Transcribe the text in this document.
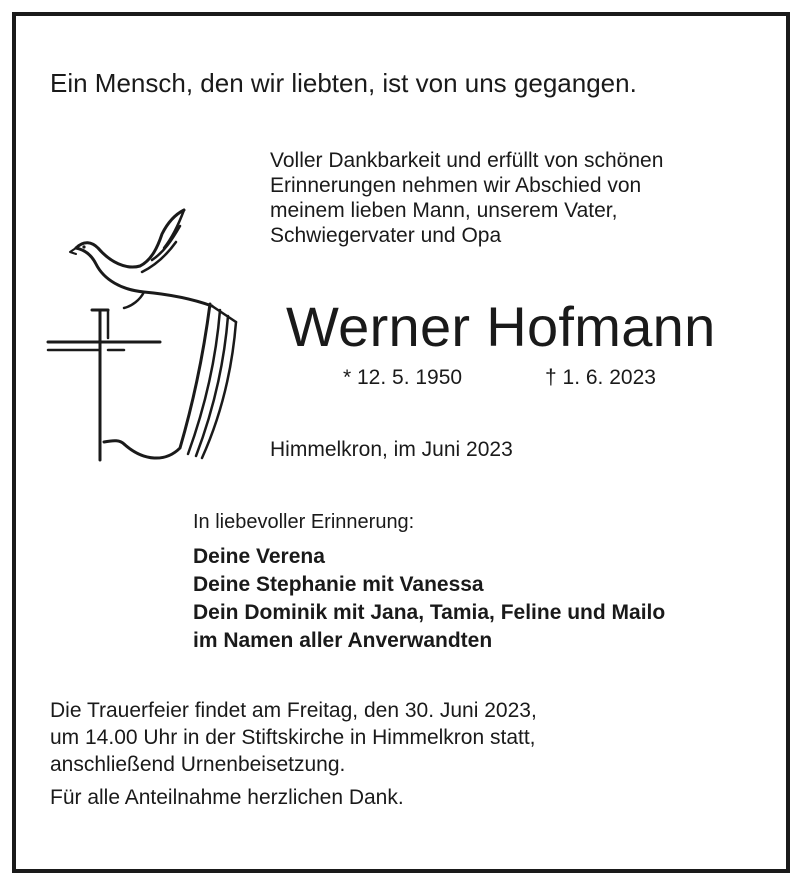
Ein Mensch, den wir liebten, ist von uns gegangen.

Voller Dankbarkeit und erfüllt von schönen
Erinnerungen nehmen wir Abschied von
meinem lieben Mann, unserem Vater,
Schwiegervater und Opa

Werner Hofmann

* 12. 5. 1950	† 1. 6. 2023

Himmelkron, im Juni 2023

In liebevoller Erinnerung:

Deine Verena
Deine Stephanie mit Vanessa
Dein Dominik mit Jana, Tamia, Feline und Mailo
im Namen aller Anverwandten
Die Trauerfeier findet am Freitag, den 30. Juni 2023,
um 14.00 Uhr in der Stiftskirche in Himmelkron statt,
anschließend Urnenbeisetzung.

Für alle Anteilnahme herzlichen Dank.
